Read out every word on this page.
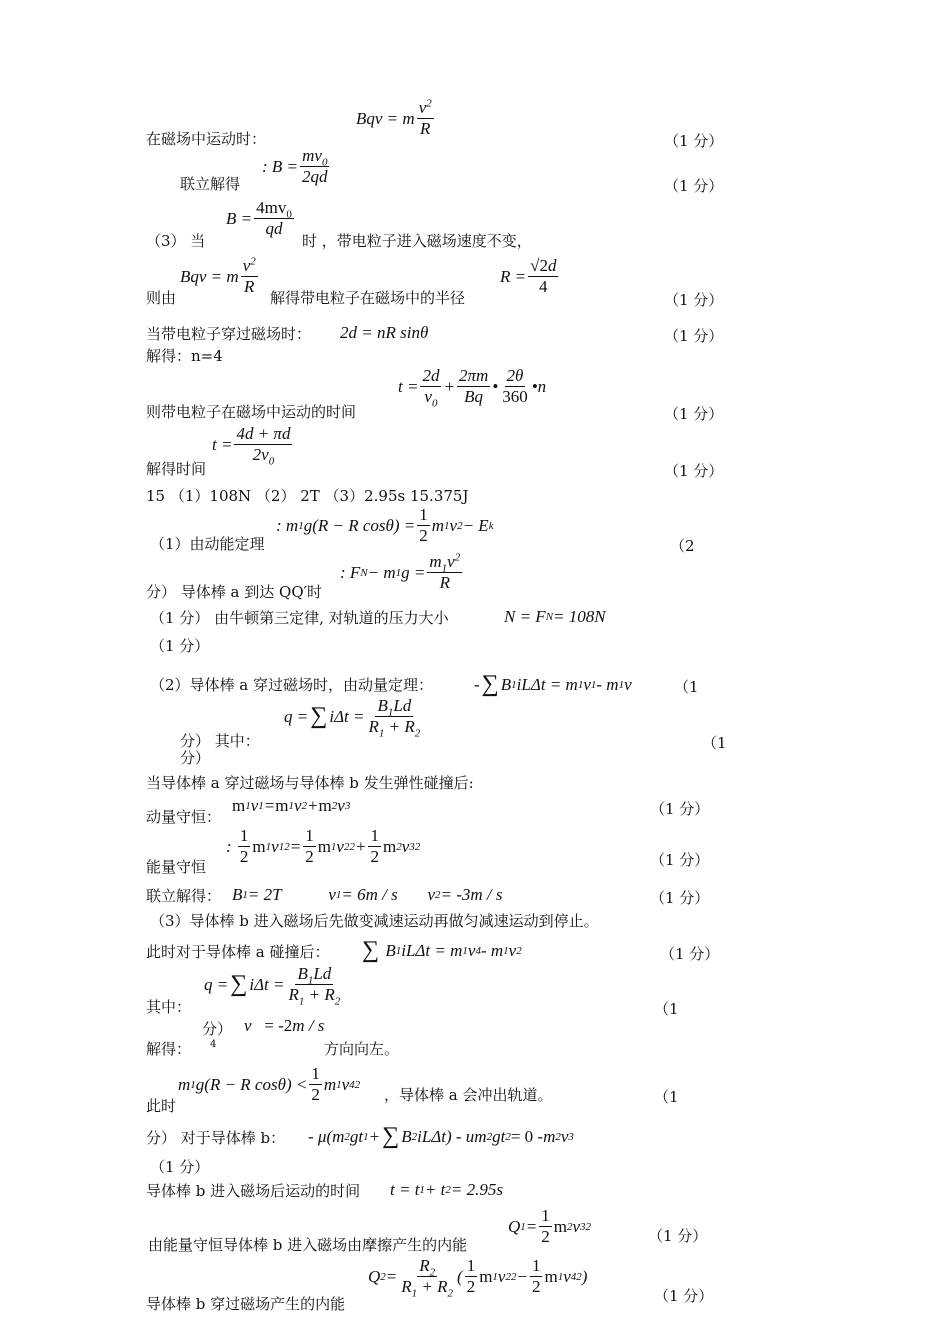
Bqv = m $\frac{v^2}{R}$
在磁场中运动时：	（1 分）
联立解得
: $B = \frac{mv_0}{2qd}$	（1 分）
（3） 当
$B = \frac{4mv_0}{qd}$
时 ，带电粒子进入磁场速度不变，
则由
Bqv = m $\frac{v^2}{R}$
解得带电粒子在磁场中的半径
$R = \frac{√2d}{4}$
（1 分）
当带电粒子穿过磁场时： 2d = nR sinθ	（1 分）
解得：n=4
则带电粒子在磁场中运动的时间
$t = \frac{2d}{v_0} + \frac{2\pi m}{Bq}$ • $\frac{2\theta}{360}$ •n
（1 分）
$t = \frac{4d + \pi d}{2v_0}$
解得时间	（1 分）
15 （1）108N （2） 2T （3）2.95s 15.375J
（1）由动能定理
: m 1 g(R − R $\cos\theta) = \frac{1}{2}$ m 1 v 2 − E k
（2
分） 导体棒 a 到达 QQ′时
: F N − m 1 $g = \frac{m_1v^2}{R}$
（1 分） 由牛顿第三定律, 对轨道的压力大小	N = F N = 108N
（1 分）
（2）导体棒 a 穿过磁场时，由动量定理： - ∑ B 1 iLΔt = m 1 v 1 - m 1 v	（1
q = ∑ $i\Delta t = \frac{B_1Ld}{R_1 + R_2}$
分） 其中：
分）
（1
当导体棒 a 穿过磁场与导体棒 b 发生弹性碰撞后:
m 1 v 1 = m 1 v 2 + m 2 v 3
动量守恒：	（1 分）
: $\frac{1}{2}$ m 1 v 1 $2 = \frac{1}{2}$ m 1 v 2 $2 + \frac{1}{2}$ m 2 v 3 2
能量守恒	（1 分）
联立解得： B 1 = 2T           v 1 = 6m / s       v 2 = -3m / s	（1 分）
（3）导体棒 b 进入磁场后先做变减速运动再做匀减速运动到停止。
此时对于导体棒 a 碰撞后： ∑ B 1 iLΔt = m 1 v 4 - m 1 v 2	（1 分）
q = ∑ $i\Delta t = \frac{B_1Ld}{R_1 + R_2}$
其中：	（1
分） v = -2 m / s
解得： 4	方向向左。
m 1 g(R − R $\cos\theta) < \frac{1}{2}$ m 1 v 4 2
，导体棒 a 会冲出轨道。
此时	（1
分） 对于导体棒 b： - μ(m 2 gt 1 + ∑ B 2 iLΔt) - um 2 gt 2 = 0 - m 2 v 3
（1 分）
导体棒 b 进入磁场后运动的时间 t = t 1 + t 2 = 2.95s
由能量守恒导体棒 b 进入磁场由摩擦产生的内能
Q $1 = \frac{1}{2}$ m 2 v 3 2
（1 分）
导体棒 b 穿过磁场产生的内能
Q $2 = \frac{R_2}{R_1 + R_2}$ ( $\frac{1}{2}$ m 1 v 2 $2 - \frac{1}{2}$ m 1 v 4 2 )
（1 分）
